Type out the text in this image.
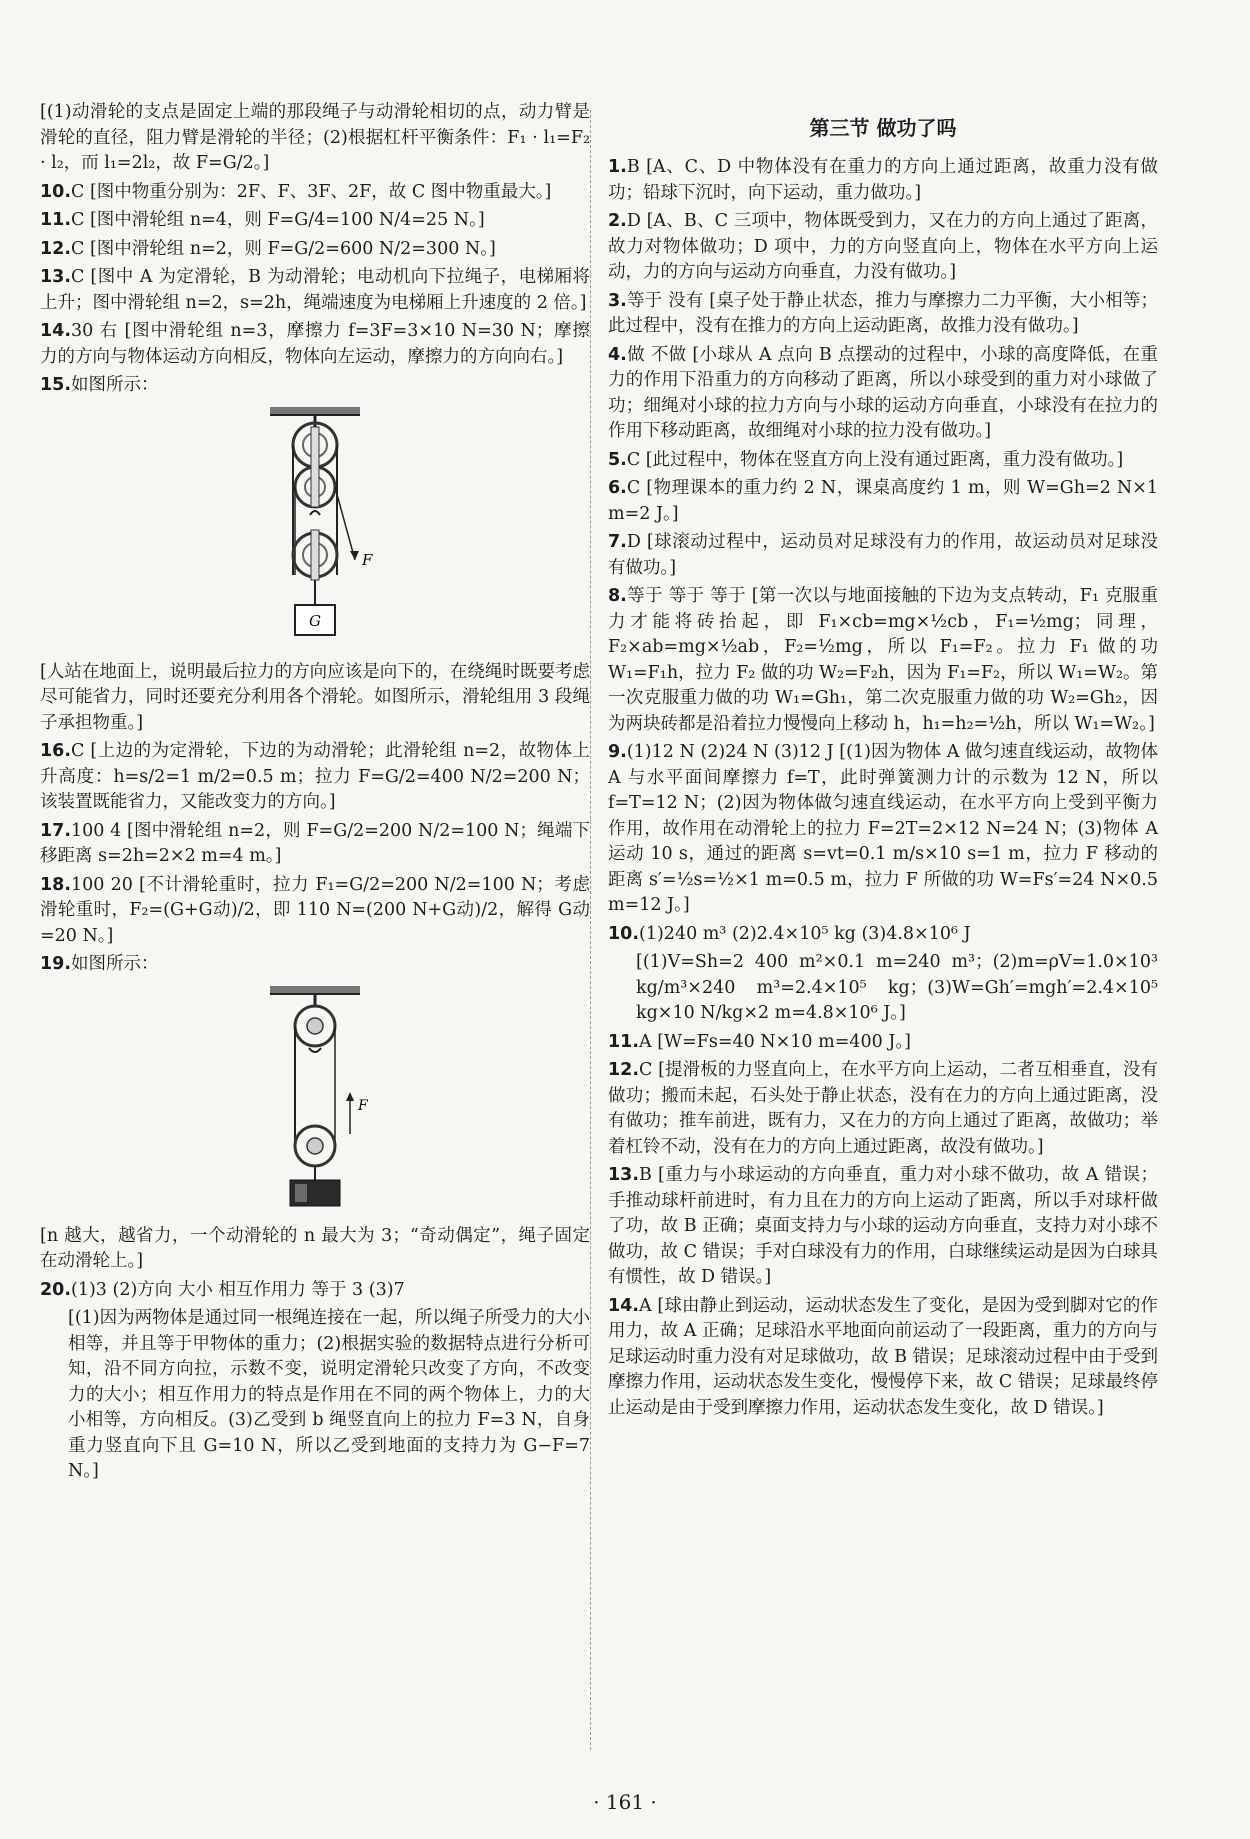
[(1)动滑轮的支点是固定上端的那段绳子与动滑轮相切的点，动力臂是滑轮的直径，阻力臂是滑轮的半径；(2)根据杠杆平衡条件：F₁ · l₁=F₂ · l₂，而 l₁=2l₂，故 F=G/2。]

10.C [图中物重分别为：2F、F、3F、2F，故 C 图中物重最大。]

11.C [图中滑轮组 n=4，则 F=G/4=100 N/4=25 N。]

12.C [图中滑轮组 n=2，则 F=G/2=600 N/2=300 N。]

13.C [图中 A 为定滑轮，B 为动滑轮；电动机向下拉绳子，电梯厢将上升；图中滑轮组 n=2，s=2h，绳端速度为电梯厢上升速度的 2 倍。]

14.30 右 [图中滑轮组 n=3，摩擦力 f=3F=3×10 N=30 N；摩擦力的方向与物体运动方向相反，物体向左运动，摩擦力的方向向右。]

15.如图所示：

F
G

[人站在地面上，说明最后拉力的方向应该是向下的，在绕绳时既要考虑尽可能省力，同时还要充分利用各个滑轮。如图所示，滑轮组用 3 段绳子承担物重。]

16.C [上边的为定滑轮，下边的为动滑轮；此滑轮组 n=2，故物体上升高度：h=s/2=1 m/2=0.5 m；拉力 F=G/2=400 N/2=200 N；该装置既能省力，又能改变力的方向。]

17.100 4 [图中滑轮组 n=2，则 F=G/2=200 N/2=100 N；绳端下移距离 s=2h=2×2 m=4 m。]

18.100 20 [不计滑轮重时，拉力 F₁=G/2=200 N/2=100 N；考虑滑轮重时，F₂=(G+G动)/2，即 110 N=(200 N+G动)/2，解得 G动=20 N。]

19.如图所示：

F

[n 越大，越省力，一个动滑轮的 n 最大为 3；“奇动偶定”，绳子固定在动滑轮上。]

20.(1)3 (2)方向 大小 相互作用力 等于 3 (3)7

[(1)因为两物体是通过同一根绳连接在一起，所以绳子所受力的大小相等，并且等于甲物体的重力；(2)根据实验的数据特点进行分析可知，沿不同方向拉，示数不变，说明定滑轮只改变了方向，不改变力的大小；相互作用力的特点是作用在不同的两个物体上，力的大小相等，方向相反。(3)乙受到 b 绳竖直向上的拉力 F=3 N，自身重力竖直向下且 G=10 N，所以乙受到地面的支持力为 G−F=7 N。]

第三节 做功了吗

1.B [A、C、D 中物体没有在重力的方向上通过距离，故重力没有做功；铅球下沉时，向下运动，重力做功。]

2.D [A、B、C 三项中，物体既受到力，又在力的方向上通过了距离，故力对物体做功；D 项中，力的方向竖直向上，物体在水平方向上运动，力的方向与运动方向垂直，力没有做功。]

3.等于 没有 [桌子处于静止状态，推力与摩擦力二力平衡，大小相等；此过程中，没有在推力的方向上运动距离，故推力没有做功。]

4.做 不做 [小球从 A 点向 B 点摆动的过程中，小球的高度降低，在重力的作用下沿重力的方向移动了距离，所以小球受到的重力对小球做了功；细绳对小球的拉力方向与小球的运动方向垂直，小球没有在拉力的作用下移动距离，故细绳对小球的拉力没有做功。]

5.C [此过程中，物体在竖直方向上没有通过距离，重力没有做功。]

6.C [物理课本的重力约 2 N，课桌高度约 1 m，则 W=Gh=2 N×1 m=2 J。]

7.D [球滚动过程中，运动员对足球没有力的作用，故运动员对足球没有做功。]

8.等于 等于 等于 [第一次以与地面接触的下边为支点转动，F₁ 克服重力才能将砖抬起，即 F₁×cb=mg×½cb，F₁=½mg；同理，F₂×ab=mg×½ab，F₂=½mg，所以 F₁=F₂。拉力 F₁ 做的功 W₁=F₁h，拉力 F₂ 做的功 W₂=F₂h，因为 F₁=F₂，所以 W₁=W₂。第一次克服重力做的功 W₁=Gh₁，第二次克服重力做的功 W₂=Gh₂，因为两块砖都是沿着拉力慢慢向上移动 h，h₁=h₂=½h，所以 W₁=W₂。]

9.(1)12 N (2)24 N (3)12 J [(1)因为物体 A 做匀速直线运动，故物体 A 与水平面间摩擦力 f=T，此时弹簧测力计的示数为 12 N，所以 f=T=12 N；(2)因为物体做匀速直线运动，在水平方向上受到平衡力作用，故作用在动滑轮上的拉力 F=2T=2×12 N=24 N；(3)物体 A 运动 10 s，通过的距离 s=vt=0.1 m/s×10 s=1 m，拉力 F 移动的距离 s′=½s=½×1 m=0.5 m，拉力 F 所做的功 W=Fs′=24 N×0.5 m=12 J。]

10.(1)240 m³ (2)2.4×10⁵ kg (3)4.8×10⁶ J

[(1)V=Sh=2 400 m²×0.1 m=240 m³；(2)m=ρV=1.0×10³ kg/m³×240 m³=2.4×10⁵ kg；(3)W=Gh′=mgh′=2.4×10⁵ kg×10 N/kg×2 m=4.8×10⁶ J。]

11.A [W=Fs=40 N×10 m=400 J。]

12.C [提滑板的力竖直向上，在水平方向上运动，二者互相垂直，没有做功；搬而未起，石头处于静止状态，没有在力的方向上通过距离，没有做功；推车前进，既有力，又在力的方向上通过了距离，故做功；举着杠铃不动，没有在力的方向上通过距离，故没有做功。]

13.B [重力与小球运动的方向垂直，重力对小球不做功，故 A 错误；手推动球杆前进时，有力且在力的方向上运动了距离，所以手对球杆做了功，故 B 正确；桌面支持力与小球的运动方向垂直，支持力对小球不做功，故 C 错误；手对白球没有力的作用，白球继续运动是因为白球具有惯性，故 D 错误。]

14.A [球由静止到运动，运动状态发生了变化，是因为受到脚对它的作用力，故 A 正确；足球沿水平地面向前运动了一段距离，重力的方向与足球运动时重力没有对足球做功，故 B 错误；足球滚动过程中由于受到摩擦力作用，运动状态发生变化，慢慢停下来，故 C 错误；足球最终停止运动是由于受到摩擦力作用，运动状态发生变化，故 D 错误。]

· 161 ·
